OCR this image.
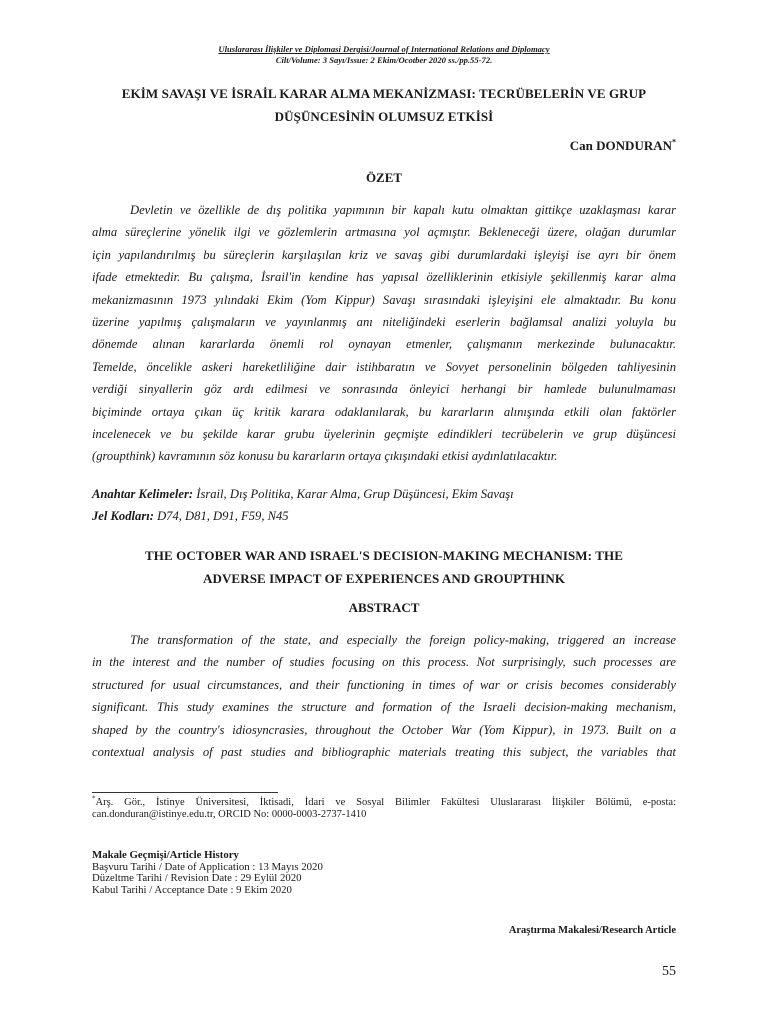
Uluslararası İlişkiler ve Diplomasi Dergisi/Journal of International Relations and Diplomacy
Cilt/Volume: 3 Sayı/Issue: 2 Ekim/Ocotber 2020 ss./pp.55-72.
EKİM SAVAŞI VE İSRAİL KARAR ALMA MEKANİZMASI: TECRÜBELERİN VE GRUP
DÜŞÜNCESİNİN OLUMSUZ ETKİSİ
Can DONDURAN*
ÖZET
Devletin ve özellikle de dış politika yapımının bir kapalı kutu olmaktan gittikçe uzaklaşması karar
alma süreçlerine yönelik ilgi ve gözlemlerin artmasına yol açmıştır. Bekleneceği üzere, olağan durumlar
için yapılandırılmış bu süreçlerin karşılaşılan kriz ve savaş gibi durumlardaki işleyişi ise ayrı bir önem
ifade etmektedir. Bu çalışma, İsrail'in kendine has yapısal özelliklerinin etkisiyle şekillenmiş karar alma
mekanizmasının 1973 yılındaki Ekim (Yom Kippur) Savaşı sırasındaki işleyişini ele almaktadır. Bu konu
üzerine yapılmış çalışmaların ve yayınlanmış anı niteliğindeki eserlerin bağlamsal analizi yoluyla bu
dönemde alınan kararlarda önemli rol oynayan etmenler, çalışmanın merkezinde bulunacaktır.
Temelde, öncelikle askeri hareketliliğine dair istihbaratın ve Sovyet personelinin bölgeden tahliyesinin
verdiği sinyallerin göz ardı edilmesi ve sonrasında önleyici herhangi bir hamlede bulunulmaması
biçiminde ortaya çıkan üç kritik karara odaklanılarak, bu kararların alınışında etkili olan faktörler
incelenecek ve bu şekilde karar grubu üyelerinin geçmişte edindikleri tecrübelerin ve grup düşüncesi
(groupthink) kavramının söz konusu bu kararların ortaya çıkışındaki etkisi aydınlatılacaktır.
Anahtar Kelimeler: İsrail, Dış Politika, Karar Alma, Grup Düşüncesi, Ekim Savaşı
Jel Kodları: D74, D81, D91, F59, N45
THE OCTOBER WAR AND ISRAEL'S DECISION-MAKING MECHANISM: THE
ADVERSE IMPACT OF EXPERIENCES AND GROUPTHINK
ABSTRACT
The transformation of the state, and especially the foreign policy-making, triggered an increase
in the interest and the number of studies focusing on this process. Not surprisingly, such processes are
structured for usual circumstances, and their functioning in times of war or crisis becomes considerably
significant. This study examines the structure and formation of the Israeli decision-making mechanism,
shaped by the country's idiosyncrasies, throughout the October War (Yom Kippur), in 1973. Built on a
contextual analysis of past studies and bibliographic materials treating this subject, the variables that
*Arş. Gör., İstinye Üniversitesi, İktisadi, İdari ve Sosyal Bilimler Fakültesi Uluslararası İlişkiler Bölümü, e-posta:
can.donduran@istinye.edu.tr, ORCID No: 0000-0003-2737-1410
Makale Geçmişi/Article History
Başvuru Tarihi / Date of Application : 13 Mayıs 2020
Düzeltme Tarihi / Revision Date : 29 Eylül 2020
Kabul Tarihi / Acceptance Date : 9 Ekim 2020
Araştırma Makalesi/Research Article
55
